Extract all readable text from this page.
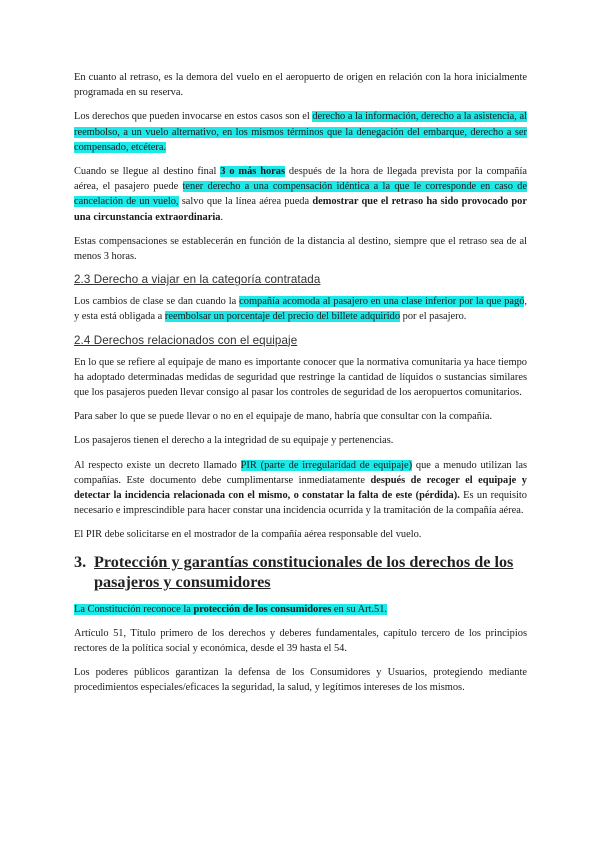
En cuanto al retraso, es la demora del vuelo en el aeropuerto de origen en relación con la hora inicialmente programada en su reserva.

Los derechos que pueden invocarse en estos casos son el derecho a la información, derecho a la asistencia, al reembolso, a un vuelo alternativo, en los mismos términos que la denegación del embarque, derecho a ser compensado, etcétera.

Cuando se llegue al destino final 3 o más horas después de la hora de llegada prevista por la compañía aérea, el pasajero puede tener derecho a una compensación idéntica a la que le corresponde en caso de cancelación de un vuelo, salvo que la línea aérea pueda demostrar que el retraso ha sido provocado por una circunstancia extraordinaria.

Estas compensaciones se establecerán en función de la distancia al destino, siempre que el retraso sea de al menos 3 horas.

2.3 Derecho a viajar en la categoría contratada

Los cambios de clase se dan cuando la compañía acomoda al pasajero en una clase inferior por la que pagó, y esta está obligada a reembolsar un porcentaje del precio del billete adquirido por el pasajero.

2.4 Derechos relacionados con el equipaje

En lo que se refiere al equipaje de mano es importante conocer que la normativa comunitaria ya hace tiempo ha adoptado determinadas medidas de seguridad que restringe la cantidad de líquidos o sustancias similares que los pasajeros pueden llevar consigo al pasar los controles de seguridad de los aeropuertos comunitarios.

Para saber lo que se puede llevar o no en el equipaje de mano, habría que consultar con la compañía.

Los pasajeros tienen el derecho a la integridad de su equipaje y pertenencias.

Al respecto existe un decreto llamado PIR (parte de irregularidad de equipaje) que a menudo utilizan las compañías. Este documento debe cumplimentarse inmediatamente después de recoger el equipaje y detectar la incidencia relacionada con el mismo, o constatar la falta de este (pérdida). Es un requisito necesario e imprescindible para hacer constar una incidencia ocurrida y la tramitación de la compañía aérea.

El PIR debe solicitarse en el mostrador de la compañía aérea responsable del vuelo.

3. Protección y garantías constitucionales de los derechos de los pasajeros y consumidores

La Constitución reconoce la protección de los consumidores en su Art.51.

Artículo 51, Título primero de los derechos y deberes fundamentales, capítulo tercero de los principios rectores de la política social y económica, desde el 39 hasta el 54.

Los poderes públicos garantizan la defensa de los Consumidores y Usuarios, protegiendo mediante procedimientos especiales/eficaces la seguridad, la salud, y legítimos intereses de los mismos.
